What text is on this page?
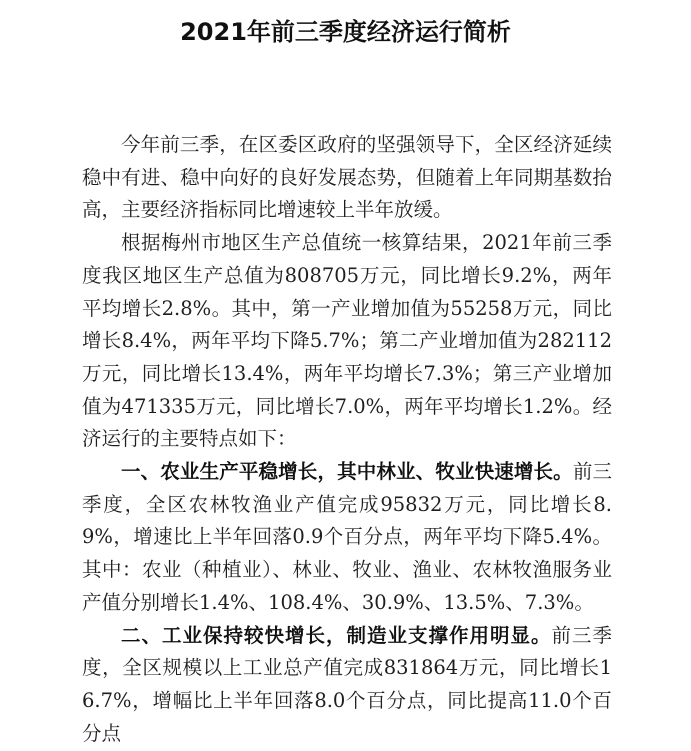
2021年前三季度经济运行简析

今年前三季，在区委区政府的坚强领导下，全区经济延续稳中有进、稳中向好的良好发展态势，但随着上年同期基数抬高，主要经济指标同比增速较上半年放缓。

根据梅州市地区生产总值统一核算结果，2021年前三季度我区地区生产总值为808705万元，同比增长9.2%，两年平均增长2.8%。其中，第一产业增加值为55258万元，同比增长8.4%，两年平均下降5.7%；第二产业增加值为282112万元，同比增长13.4%，两年平均增长7.3%；第三产业增加值为471335万元，同比增长7.0%，两年平均增长1.2%。经济运行的主要特点如下：

一、农业生产平稳增长，其中林业、牧业快速增长。前三季度，全区农林牧渔业产值完成95832万元，同比增长8.9%，增速比上半年回落0.9个百分点，两年平均下降5.4%。其中：农业（种植业）、林业、牧业、渔业、农林牧渔服务业产值分别增长1.4%、108.4%、30.9%、13.5%、7.3%。

二、工业保持较快增长，制造业支撑作用明显。前三季度，全区规模以上工业总产值完成831864万元，同比增长16.7%，增幅比上半年回落8.0个百分点，同比提高11.0个百分点
